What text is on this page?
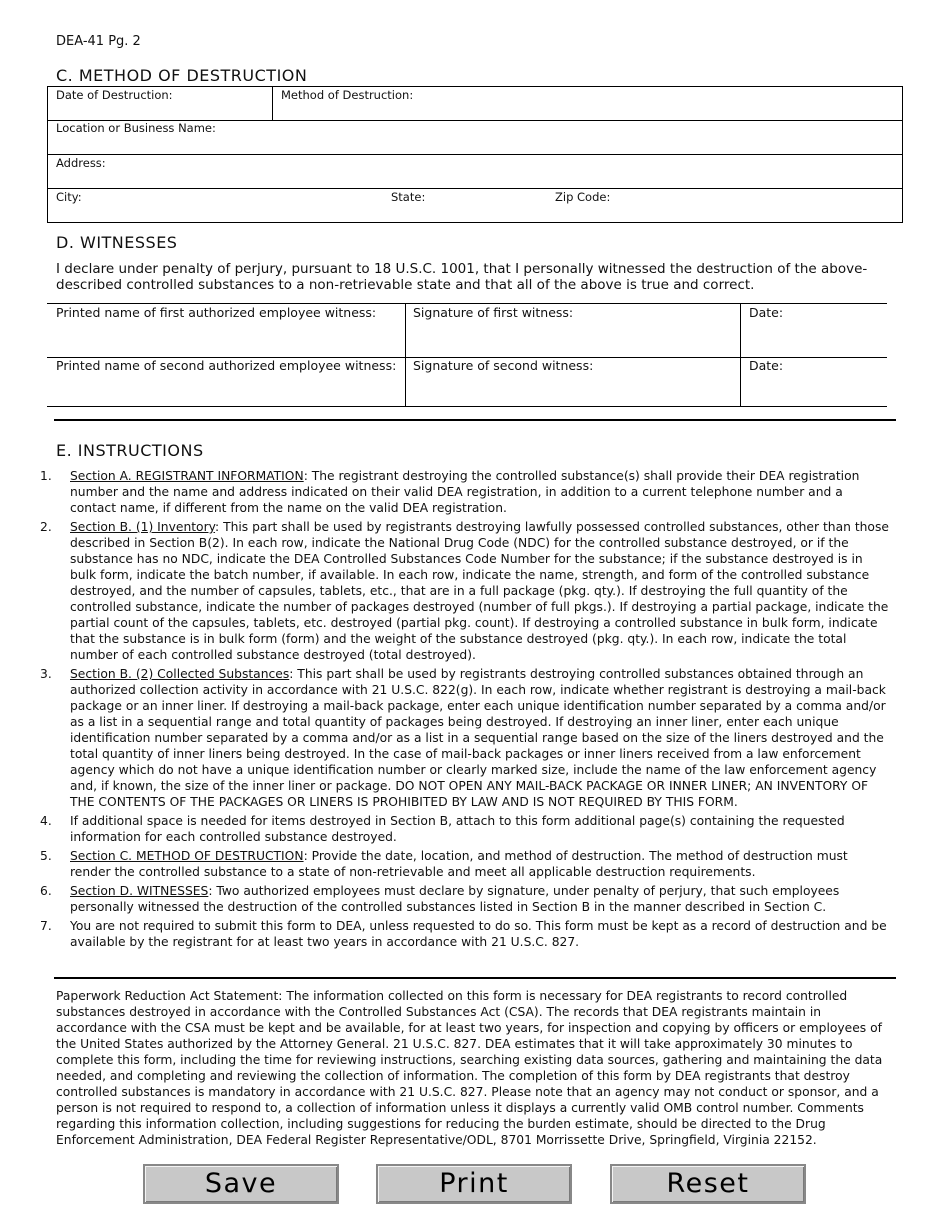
DEA-41 Pg. 2
C. METHOD OF DESTRUCTION
Date of Destruction:	Method of Destruction:
Location or Business Name:
Address:
City:	State:	Zip Code:
D. WITNESSES
I declare under penalty of perjury, pursuant to 18 U.S.C. 1001, that I personally witnessed the destruction of the above-described controlled substances to a non-retrievable state and that all of the above is true and correct.
Printed name of first authorized employee witness:	Signature of first witness:	Date:
Printed name of second authorized employee witness: Signature of second witness:	Date:
E. INSTRUCTIONS
1. Section A. REGISTRANT INFORMATION: The registrant destroying the controlled substance(s) shall provide their DEA registration number and the name and address indicated on their valid DEA registration, in addition to a current telephone number and a contact name, if different from the name on the valid DEA registration.
2. Section B. (1) Inventory: This part shall be used by registrants destroying lawfully possessed controlled substances, other than those described in Section B(2). In each row, indicate the National Drug Code (NDC) for the controlled substance destroyed, or if the substance has no NDC, indicate the DEA Controlled Substances Code Number for the substance; if the substance destroyed is in bulk form, indicate the batch number, if available. In each row, indicate the name, strength, and form of the controlled substance destroyed, and the number of capsules, tablets, etc., that are in a full package (pkg. qty.). If destroying the full quantity of the controlled substance, indicate the number of packages destroyed (number of full pkgs.). If destroying a partial package, indicate the partial count of the capsules, tablets, etc. destroyed (partial pkg. count). If destroying a controlled substance in bulk form, indicate that the substance is in bulk form (form) and the weight of the substance destroyed (pkg. qty.). In each row, indicate the total number of each controlled substance destroyed (total destroyed).
3. Section B. (2) Collected Substances: This part shall be used by registrants destroying controlled substances obtained through an authorized collection activity in accordance with 21 U.S.C. 822(g). In each row, indicate whether registrant is destroying a mail-back package or an inner liner. If destroying a mail-back package, enter each unique identification number separated by a comma and/or as a list in a sequential range and total quantity of packages being destroyed. If destroying an inner liner, enter each unique identification number separated by a comma and/or as a list in a sequential range based on the size of the liners destroyed and the total quantity of inner liners being destroyed. In the case of mail-back packages or inner liners received from a law enforcement agency which do not have a unique identification number or clearly marked size, include the name of the law enforcement agency and, if known, the size of the inner liner or package. DO NOT OPEN ANY MAIL-BACK PACKAGE OR INNER LINER; AN INVENTORY OF THE CONTENTS OF THE PACKAGES OR LINERS IS PROHIBITED BY LAW AND IS NOT REQUIRED BY THIS FORM.
4. If additional space is needed for items destroyed in Section B, attach to this form additional page(s) containing the requested information for each controlled substance destroyed.
5. Section C. METHOD OF DESTRUCTION: Provide the date, location, and method of destruction. The method of destruction must render the controlled substance to a state of non-retrievable and meet all applicable destruction requirements.
6. Section D. WITNESSES: Two authorized employees must declare by signature, under penalty of perjury, that such employees personally witnessed the destruction of the controlled substances listed in Section B in the manner described in Section C.
7. You are not required to submit this form to DEA, unless requested to do so. This form must be kept as a record of destruction and be available by the registrant for at least two years in accordance with 21 U.S.C. 827.
Paperwork Reduction Act Statement: The information collected on this form is necessary for DEA registrants to record controlled substances destroyed in accordance with the Controlled Substances Act (CSA). The records that DEA registrants maintain in accordance with the CSA must be kept and be available, for at least two years, for inspection and copying by officers or employees of the United States authorized by the Attorney General. 21 U.S.C. 827. DEA estimates that it will take approximately 30 minutes to complete this form, including the time for reviewing instructions, searching existing data sources, gathering and maintaining the data needed, and completing and reviewing the collection of information. The completion of this form by DEA registrants that destroy controlled substances is mandatory in accordance with 21 U.S.C. 827. Please note that an agency may not conduct or sponsor, and a person is not required to respond to, a collection of information unless it displays a currently valid OMB control number. Comments regarding this information collection, including suggestions for reducing the burden estimate, should be directed to the Drug Enforcement Administration, DEA Federal Register Representative/ODL, 8701 Morrissette Drive, Springfield, Virginia 22152.
Save	Print	Reset
